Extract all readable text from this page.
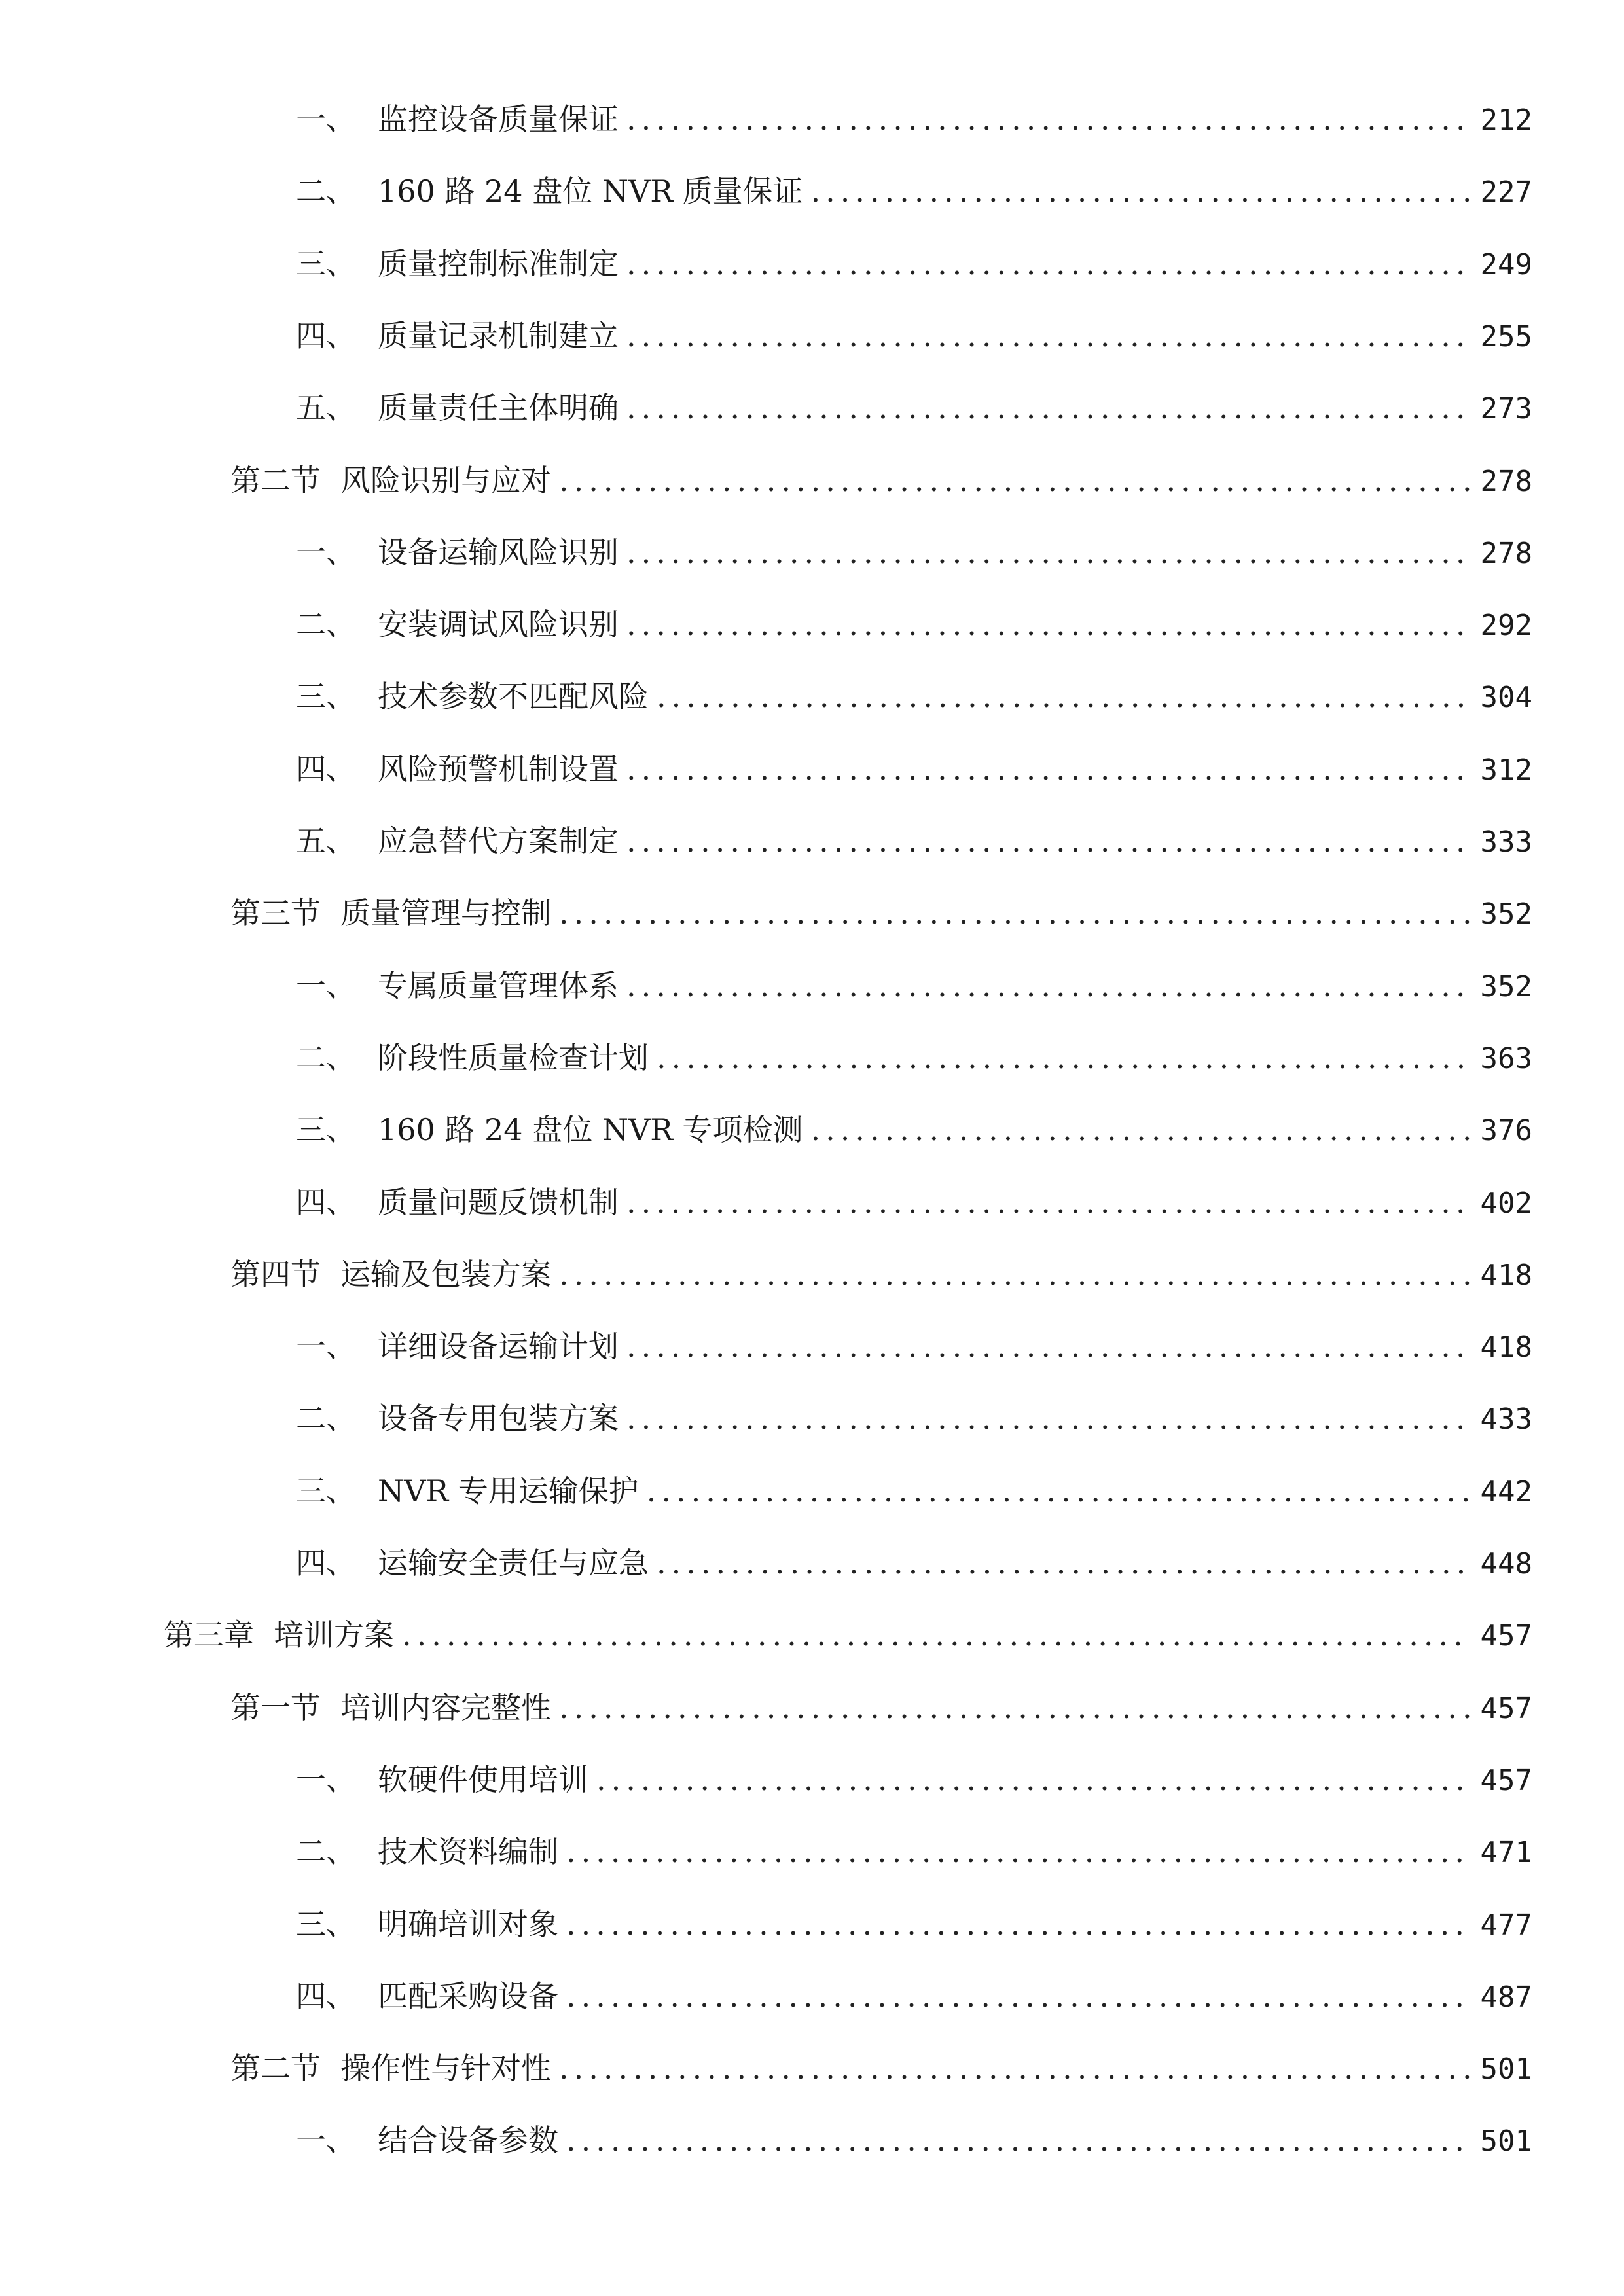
一、 监控设备质量保证 .....	212
二、 160 路 24 盘位 NVR 质量保证 .....	227
三、 质量控制标准制定 .....	249
四、 质量记录机制建立 .....	255
五、 质量责任主体明确 .....	273
第二节 风险识别与应对 .....	278
一、 设备运输风险识别 .....	278
二、 安装调试风险识别 .....	292
三、 技术参数不匹配风险 .....	304
四、 风险预警机制设置 .....	312
五、 应急替代方案制定 .....	333
第三节 质量管理与控制 .....	352
一、 专属质量管理体系 .....	352
二、 阶段性质量检查计划 .....	363
三、 160 路 24 盘位 NVR 专项检测 .....	376
四、 质量问题反馈机制 .....	402
第四节 运输及包装方案 .....	418
一、 详细设备运输计划 .....	418
二、 设备专用包装方案 .....	433
三、 NVR 专用运输保护 .....	442
四、 运输安全责任与应急 .....	448
第三章 培训方案 .....	457
第一节 培训内容完整性 .....	457
一、 软硬件使用培训 .....	457
二、 技术资料编制 .....	471
三、 明确培训对象 .....	477
四、 匹配采购设备 .....	487
第二节 操作性与针对性 .....	501
一、 结合设备参数 .....	501
